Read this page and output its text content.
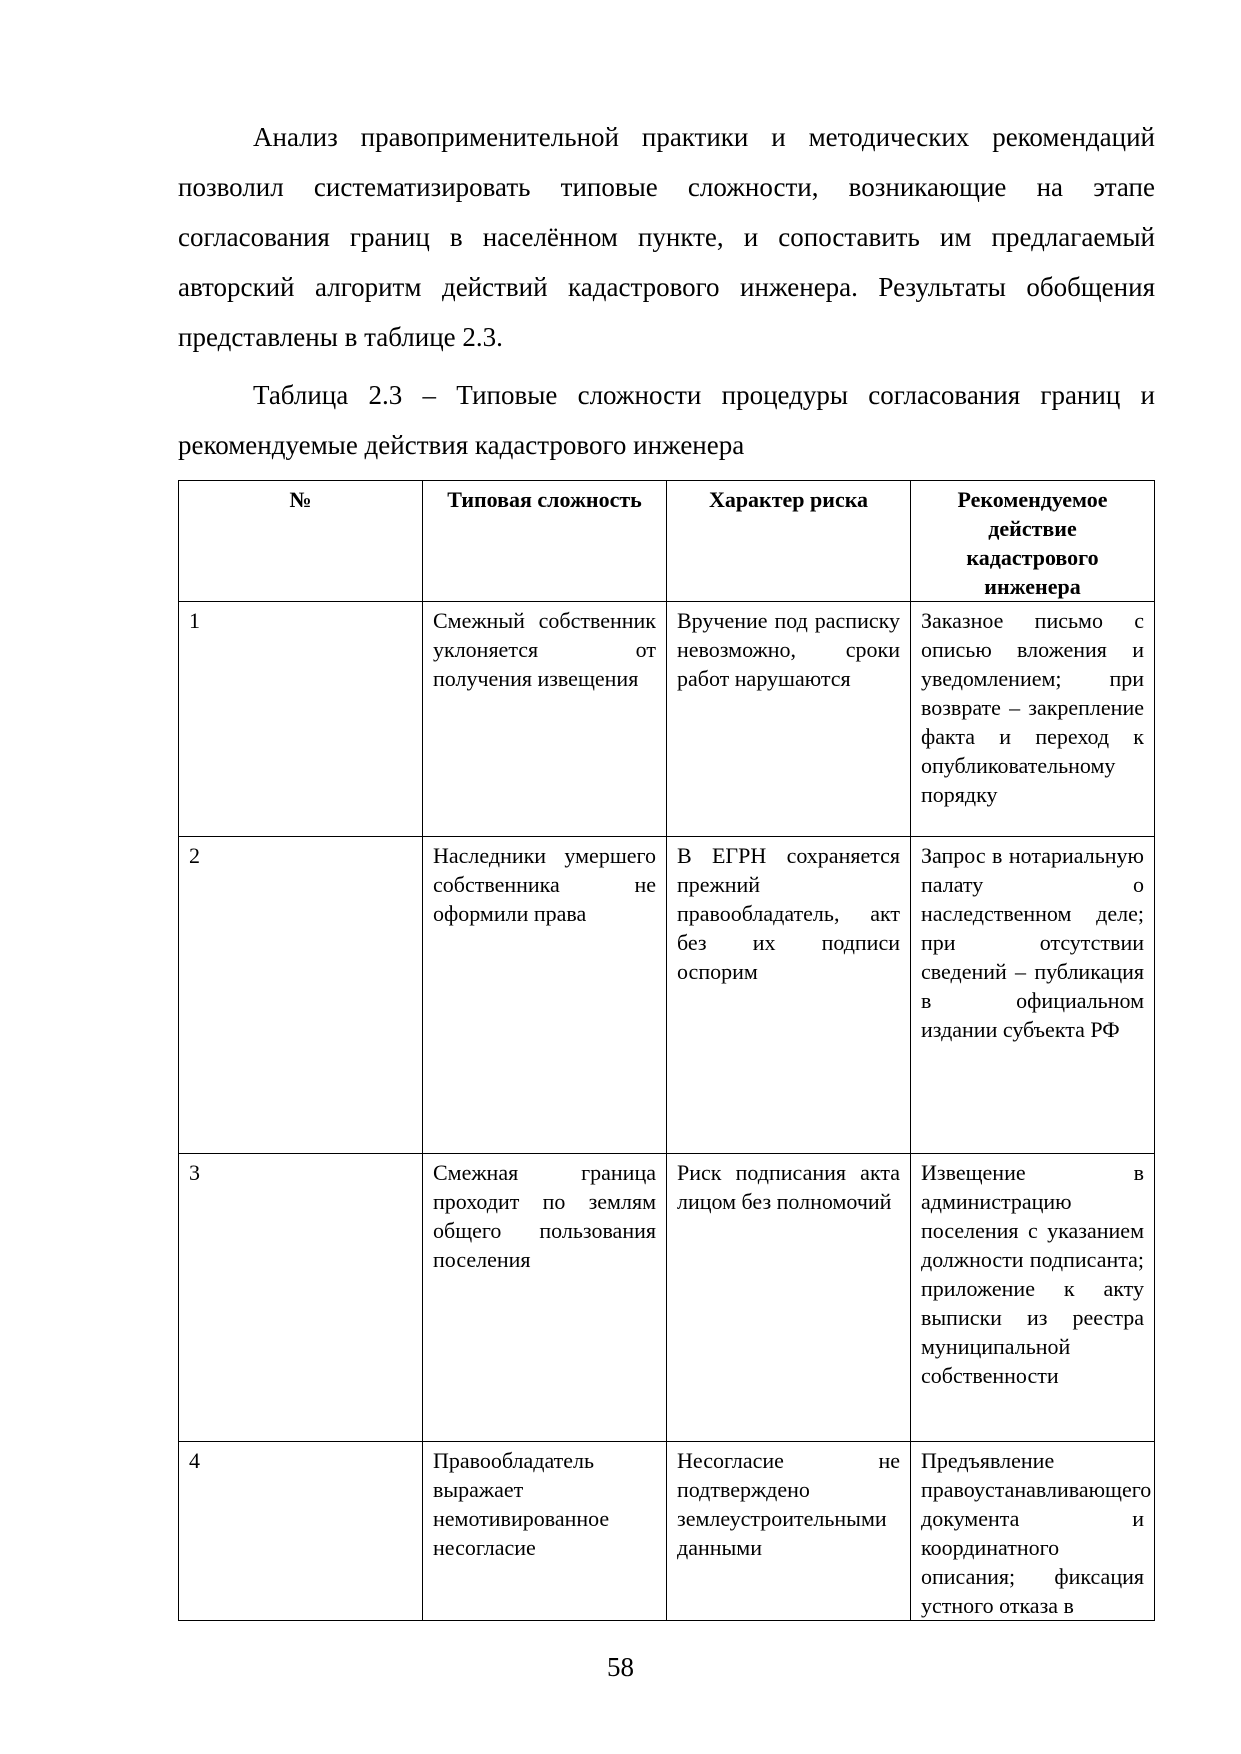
Анализ правоприменительной практики и методических рекомендаций позволил систематизировать типовые сложности, возникающие на этапе согласования границ в населённом пункте, и сопоставить им предлагаемый авторский алгоритм действий кадастрового инженера. Результаты обобщения представлены в таблице 2.3.

Таблица 2.3 – Типовые сложности процедуры согласования границ и рекомендуемые действия кадастрового инженера

№	Типовая сложность	Характер риска	Рекомендуемое действие кадастрового инженера
1	Смежный собственник уклоняется от получения извещения	Вручение под расписку невозможно, сроки работ нарушаются	Заказное письмо с описью вложения и уведомлением; при возврате – закрепление факта и переход к опубликовательному порядку
2	Наследники умершего собственника не оформили права	В ЕГРН сохраняется прежний правообладатель, акт без их подписи оспорим	Запрос в нотариальную палату о наследственном деле; при отсутствии сведений – публикация в официальном издании субъекта РФ
3	Смежная граница проходит по землям общего пользования поселения	Риск подписания акта лицом без полномочий	Извещение в администрацию поселения с указанием должности подписанта; приложение к акту выписки из реестра муниципальной собственности
4	Правообладатель выражает немотивированное несогласие	Несогласие не подтверждено землеустроительными данными	Предъявление правоустанавливающего документа и координатного описания; фиксация устного отказа в
58
